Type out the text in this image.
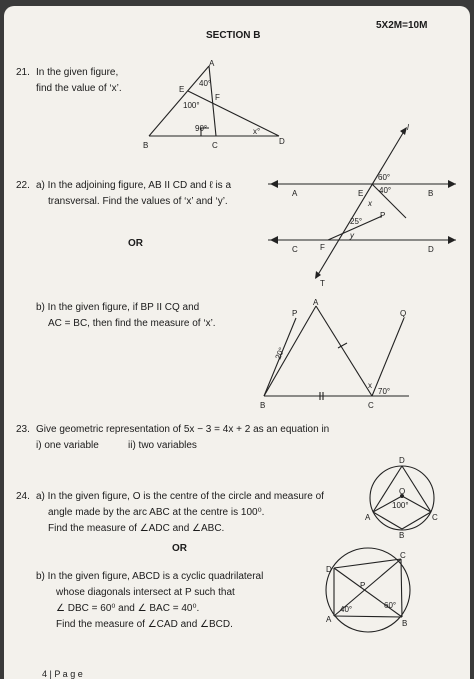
SECTION B
5X2M=10M
21. In the given figure,
find the value of ‘x’.	E
F
A
B	C	D
40°
100°
90°	x°
22. a) In the adjoining figure, AB II CD and ℓ is a
transversal. Find the values of ‘x’ and ‘y’.
OR
l
A	E	B
C	F	D
T
P
60°
40°
25°
x
y
b) In the given figure, if BP II CQ and
AC = BC, then find the measure of ‘x’.
A
P	Q
B	C
20°
70°
x
23. Give geometric representation of 5x − 3 = 4x + 2 as an equation in
i) one variable	ii) two variables
24. a) In the given figure, O is the centre of the circle and measure of
angle made by the arc ABC at the centre is 100⁰.
Find the measure of ∠ADC and ∠ABC.
OR
D
O
A
B
C
100°
b) In the given figure, ABCD is a cyclic quadrilateral
whose diagonals intersect at P such that
∠ DBC = 60⁰ and ∠ BAC = 40⁰.
Find the measure of ∠CAD and ∠BCD.
D
C
P
A	B
40°	60°
4 | P a g e
